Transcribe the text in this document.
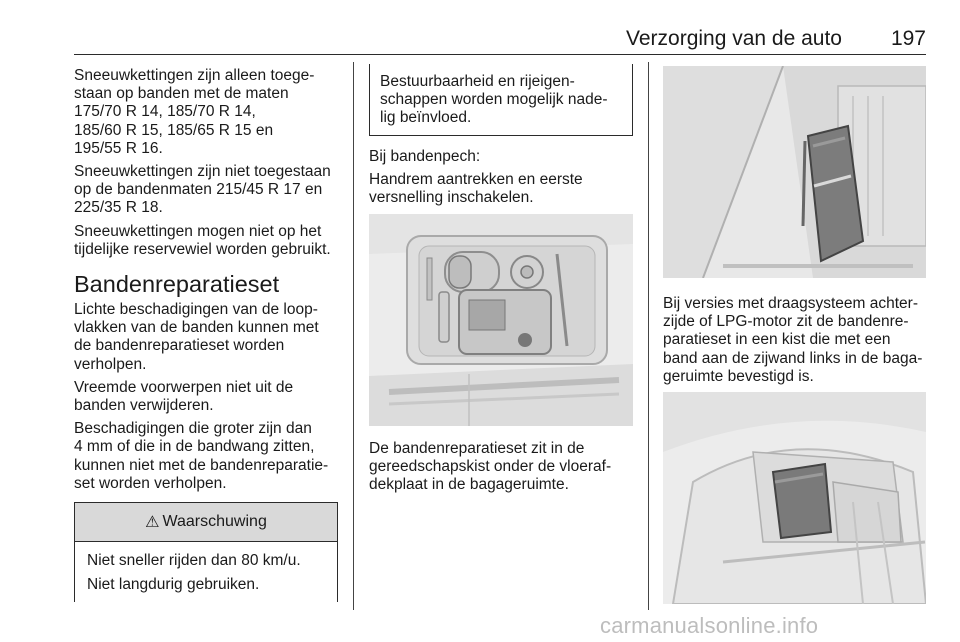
Verzorging van de auto 197

Sneeuwkettingen zijn alleen toege-
staan op banden met de maten
175/70 R 14, 185/70 R 14,
185/60 R 15, 185/65 R 15 en
195/55 R 16.

Sneeuwkettingen zijn niet toegestaan
op de bandenmaten 215/45 R 17 en
225/35 R 18.

Sneeuwkettingen mogen niet op het
tijdelijke reservewiel worden gebruikt.

Bandenreparatieset

Lichte beschadigingen van de loop-
vlakken van de banden kunnen met
de bandenreparatieset worden
verholpen.

Vreemde voorwerpen niet uit de
banden verwijderen.

Beschadigingen die groter zijn dan
4 mm of die in de bandwang zitten,
kunnen niet met de bandenreparatie-
set worden verholpen.

⚠ Waarschuwing

Niet sneller rijden dan 80 km/u.

Niet langdurig gebruiken.

Bestuurbaarheid en rijeigen-
schappen worden mogelijk nade-
lig beïnvloed.

Bij bandenpech:

Handrem aantrekken en eerste
versnelling inschakelen.

De bandenreparatieset zit in de
gereedschapskist onder de vloeraf-
dekplaat in de bagageruimte.

Bij versies met draagsysteem achter-
zijde of LPG-motor zit de bandenre-
paratieset in een kist die met een
band aan de zijwand links in de baga-
geruimte bevestigd is.

carmanualsonline.info
